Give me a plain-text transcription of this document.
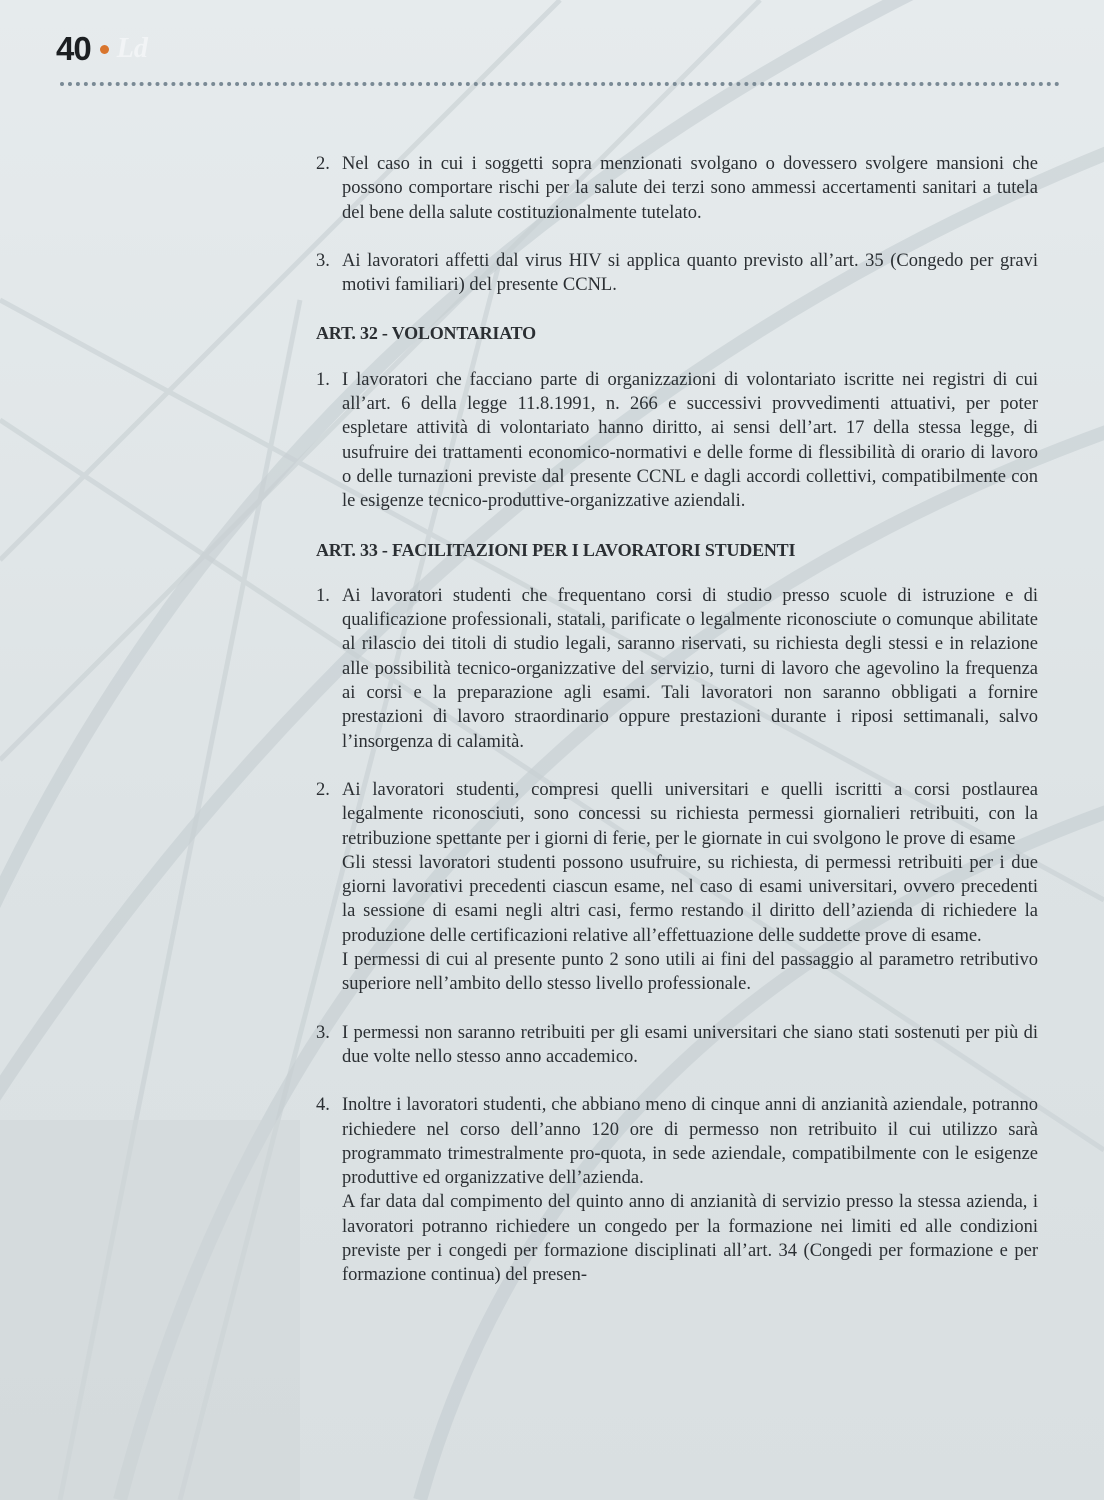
40 Ld
2. Nel caso in cui i soggetti sopra menzionati svolgano o dovessero svolgere mansioni che possono comportare rischi per la salute dei terzi sono ammessi accertamenti sanitari a tutela del bene della salute costituzionalmente tutelato.

3. Ai lavoratori affetti dal virus HIV si applica quanto previsto all’art. 35 (Congedo per gravi motivi familiari) del presente CCNL.

ART. 32 - VOLONTARIATO
1. I lavoratori che facciano parte di organizzazioni di volontariato iscritte nei registri di cui all’art. 6 della legge 11.8.1991, n. 266 e successivi provvedimenti attuativi, per poter espletare attività di volontariato hanno diritto, ai sensi dell’art. 17 della stessa legge, di usufruire dei trattamenti economico-normativi e delle forme di flessibilità di orario di lavoro o delle turnazioni previste dal presente CCNL e dagli accordi collettivi, compatibilmente con le esigenze tecnico-produttive-organizzative aziendali.

ART. 33 - FACILITAZIONI PER I LAVORATORI STUDENTI
1. Ai lavoratori studenti che frequentano corsi di studio presso scuole di istruzione e di qualificazione professionali, statali, parificate o legalmente riconosciute o comunque abilitate al rilascio dei titoli di studio legali, saranno riservati, su richiesta degli stessi e in relazione alle possibilità tecnico-organizzative del servizio, turni di lavoro che agevolino la frequenza ai corsi e la preparazione agli esami. Tali lavoratori non saranno obbligati a fornire prestazioni di lavoro straordinario oppure prestazioni durante i riposi settimanali, salvo l’insorgenza di calamità.

2. Ai lavoratori studenti, compresi quelli universitari e quelli iscritti a corsi postlaurea legalmente riconosciuti, sono concessi su richiesta permessi giornalieri retribuiti, con la retribuzione spettante per i giorni di ferie, per le giornate in cui svolgono le prove di esame

Gli stessi lavoratori studenti possono usufruire, su richiesta, di permessi retribuiti per i due giorni lavorativi precedenti ciascun esame, nel caso di esami universitari, ovvero precedenti la sessione di esami negli altri casi, fermo restando il diritto dell’azienda di richiedere la produzione delle certificazioni relative all’effettuazione delle suddette prove di esame.

I permessi di cui al presente punto 2 sono utili ai fini del passaggio al parametro retributivo superiore nell’ambito dello stesso livello professionale.

3. I permessi non saranno retribuiti per gli esami universitari che siano stati sostenuti per più di due volte nello stesso anno accademico.

4. Inoltre i lavoratori studenti, che abbiano meno di cinque anni di anzianità aziendale, potranno richiedere nel corso dell’anno 120 ore di permesso non retribuito il cui utilizzo sarà programmato trimestralmente pro-quota, in sede aziendale, compatibilmente con le esigenze produttive ed organizzative dell’azienda.

A far data dal compimento del quinto anno di anzianità di servizio presso la stessa azienda, i lavoratori potranno richiedere un congedo per la formazione nei limiti ed alle condizioni previste per i congedi per formazione disciplinati all’art. 34 (Congedi per formazione e per formazione continua) del presen-
